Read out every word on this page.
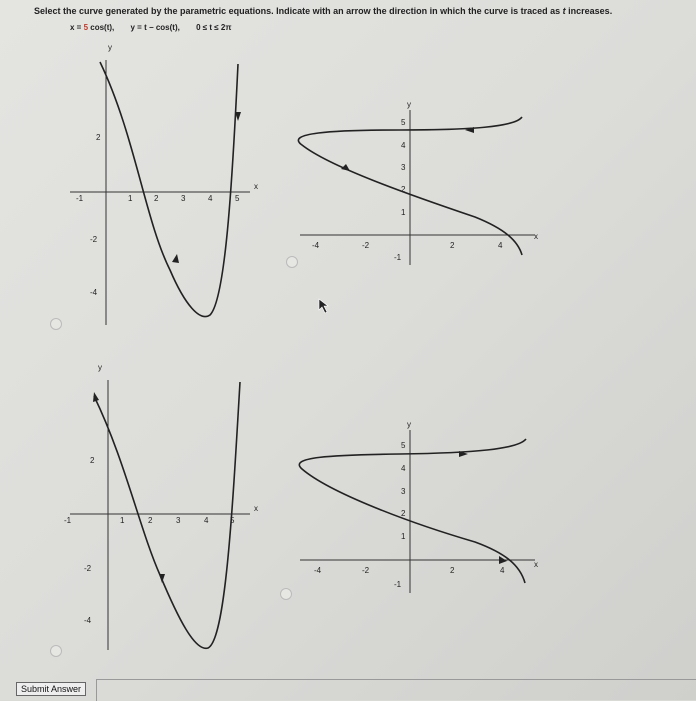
Select the curve generated by the parametric equations. Indicate with an arrow the direction in which the curve is traced as t increases.
x = 5 cos(t), y = t − cos(t), 0 ≤ t ≤ 2π
y
x
-1	1	2	3	4	5
2
-2
-4
y
x
-4	-2	2	4
5
4
3
2
1
-1
y
x
-1	1	2	3	4	5
2
-2
-4
y
x
-4	-2	2	4
5
4
3
2
1
-1
Submit Answer
